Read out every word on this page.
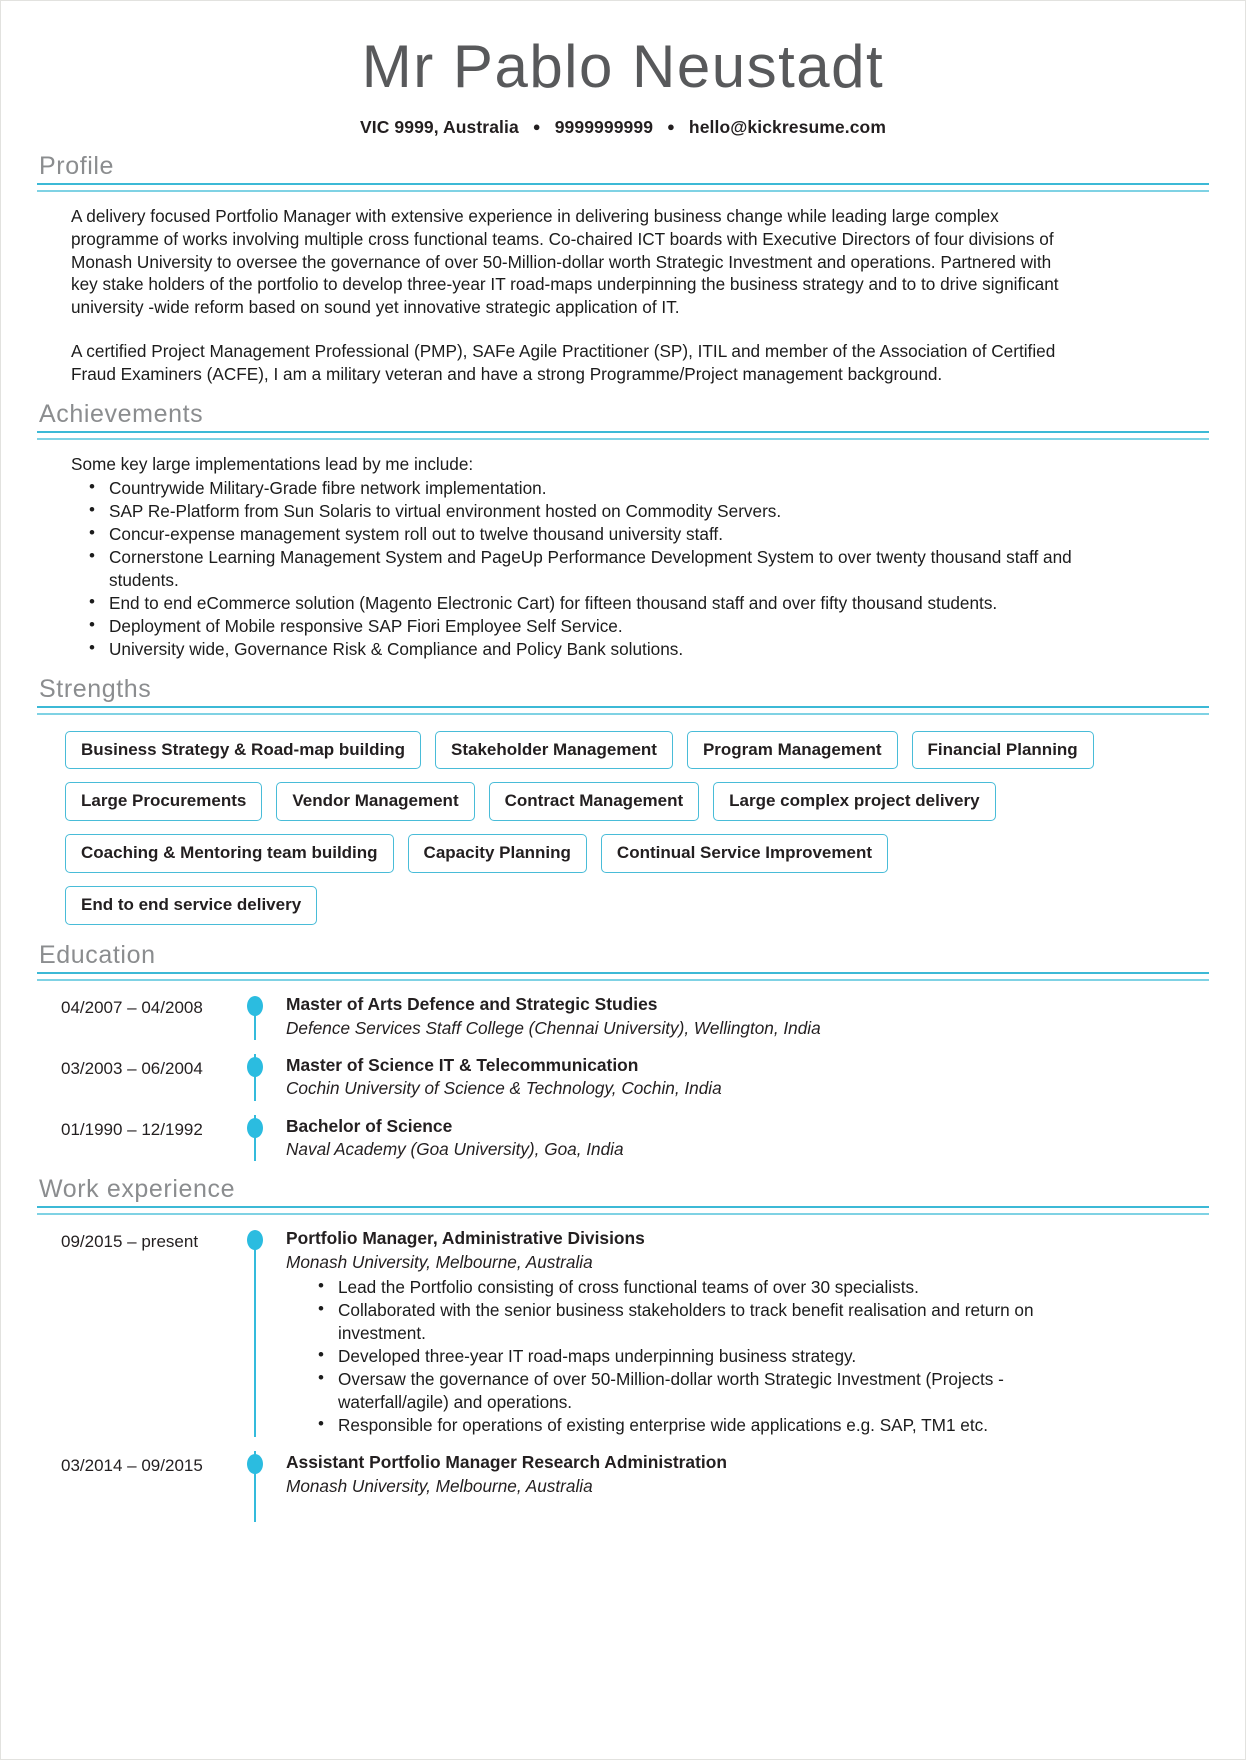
Mr Pablo Neustadt
VIC 9999, Australia ● 9999999999 ● hello@kickresume.com
Profile

A delivery focused Portfolio Manager with extensive experience in delivering business change while leading large complex programme of works involving multiple cross functional teams. Co-chaired ICT boards with Executive Directors of four divisions of Monash University to oversee the governance of over 50-Million-dollar worth Strategic Investment and operations. Partnered with key stake holders of the portfolio to develop three-year IT road-maps underpinning the business strategy and to to drive significant university -wide reform based on sound yet innovative strategic application of IT.

A certified Project Management Professional (PMP), SAFe Agile Practitioner (SP), ITIL and member of the Association of Certified Fraud Examiners (ACFE), I am a military veteran and have a strong Programme/Project management background.

Achievements
Some key large implementations lead by me include:
• Countrywide Military-Grade fibre network implementation.
• SAP Re-Platform from Sun Solaris to virtual environment hosted on Commodity Servers.
• Concur-expense management system roll out to twelve thousand university staff.
• Cornerstone Learning Management System and PageUp Performance Development System to over twenty thousand staff and students.
• End to end eCommerce solution (Magento Electronic Cart) for fifteen thousand staff and over fifty thousand students.
• Deployment of Mobile responsive SAP Fiori Employee Self Service.
• University wide, Governance Risk & Compliance and Policy Bank solutions.
Strengths
Business Strategy & Road-map building	Stakeholder Management	Program Management	Financial Planning
Large Procurements	Vendor Management	Contract Management	Large complex project delivery
Coaching & Mentoring team building	Capacity Planning	Continual Service Improvement
End to end service delivery
Education
04/2007 – 04/2008	Master of Arts Defence and Strategic Studies
Defence Services Staff College (Chennai University), Wellington, India
03/2003 – 06/2004	Master of Science IT & Telecommunication
Cochin University of Science & Technology, Cochin, India
01/1990 – 12/1992	Bachelor of Science
Naval Academy (Goa University), Goa, India
Work experience
09/2015 – present	Portfolio Manager, Administrative Divisions
Monash University, Melbourne, Australia
• Lead the Portfolio consisting of cross functional teams of over 30 specialists.
• Collaborated with the senior business stakeholders to track benefit realisation and return on investment.
• Developed three-year IT road-maps underpinning business strategy.
• Oversaw the governance of over 50-Million-dollar worth Strategic Investment (Projects -waterfall/agile) and operations.
• Responsible for operations of existing enterprise wide applications e.g. SAP, TM1 etc.
03/2014 – 09/2015	Assistant Portfolio Manager Research Administration
Monash University, Melbourne, Australia
